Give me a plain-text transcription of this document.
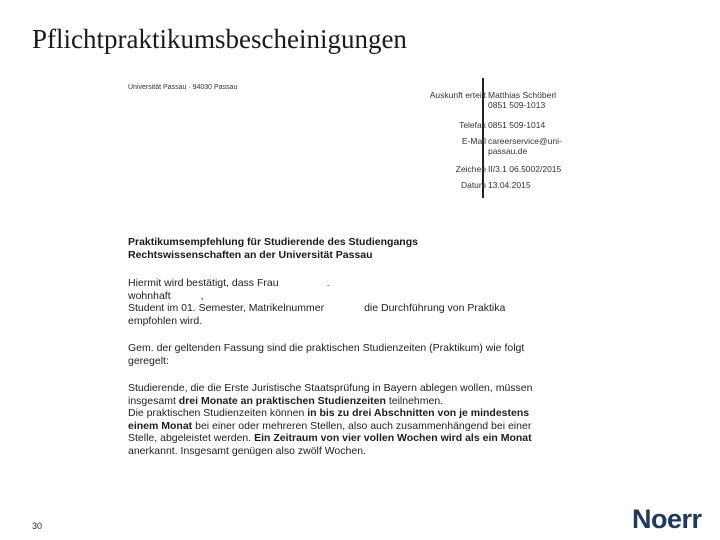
Pflichtpraktikumsbescheinigungen
Universität Passau · 94030 Passau
Auskunft erteilt Matthias Schöberl
0851 509-1013
Telefax 0851 509-1014
E-Mail careerservice@uni-
passau.de
Zeichen II/3.1 06.5002/2015
Datum 13.04.2015
Praktikumsempfehlung für Studierende des Studiengangs
Rechtswissenschaften an der Universität Passau
Hiermit wird bestätigt, dass Frau	.
wohnhaft	,
Student im 01. Semester, Matrikelnummer	die Durchführung von Praktika
empfohlen wird.
Gem. der geltenden Fassung sind die praktischen Studienzeiten (Praktikum) wie folgt
geregelt:
Studierende, die die Erste Juristische Staatsprüfung in Bayern ablegen wollen, müssen
insgesamt drei Monate an praktischen Studienzeiten teilnehmen.
Die praktischen Studienzeiten können in bis zu drei Abschnitten von je mindestens
einem Monat bei einer oder mehreren Stellen, also auch zusammenhängend bei einer
Stelle, abgeleistet werden. Ein Zeitraum von vier vollen Wochen wird als ein Monat
anerkannt. Insgesamt genügen also zwölf Wochen.
30	Noerr
